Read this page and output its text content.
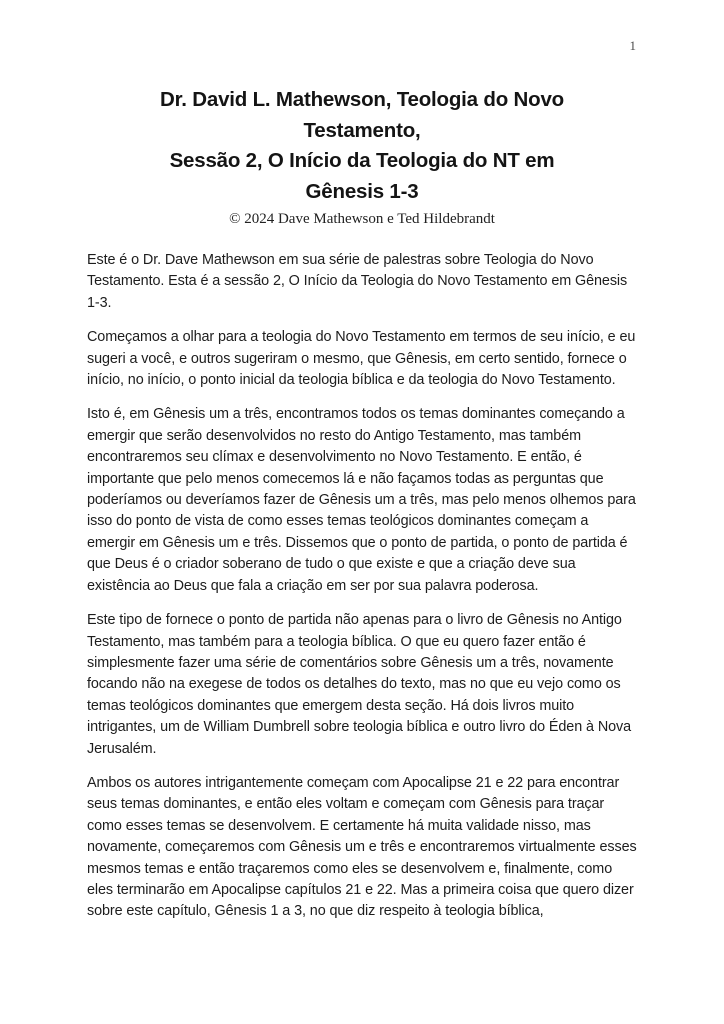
1
Dr. David L. Mathewson, Teologia do Novo
Testamento,
Sessão 2, O Início da Teologia do NT em
Gênesis 1-3
© 2024 Dave Mathewson e Ted Hildebrandt

Este é o Dr. Dave Mathewson em sua série de palestras sobre Teologia do Novo Testamento. Esta é a sessão 2, O Início da Teologia do Novo Testamento em Gênesis 1-3.

Começamos a olhar para a teologia do Novo Testamento em termos de seu início, e eu sugeri a você, e outros sugeriram o mesmo, que Gênesis, em certo sentido, fornece o início, no início, o ponto inicial da teologia bíblica e da teologia do Novo Testamento.

Isto é, em Gênesis um a três, encontramos todos os temas dominantes começando a emergir que serão desenvolvidos no resto do Antigo Testamento, mas também encontraremos seu clímax e desenvolvimento no Novo Testamento. E então, é importante que pelo menos comecemos lá e não façamos todas as perguntas que poderíamos ou deveríamos fazer de Gênesis um a três, mas pelo menos olhemos para isso do ponto de vista de como esses temas teológicos dominantes começam a emergir em Gênesis um e três. Dissemos que o ponto de partida, o ponto de partida é que Deus é o criador soberano de tudo o que existe e que a criação deve sua existência ao Deus que fala a criação em ser por sua palavra poderosa.

Este tipo de fornece o ponto de partida não apenas para o livro de Gênesis no Antigo Testamento, mas também para a teologia bíblica. O que eu quero fazer então é simplesmente fazer uma série de comentários sobre Gênesis um a três, novamente focando não na exegese de todos os detalhes do texto, mas no que eu vejo como os temas teológicos dominantes que emergem desta seção. Há dois livros muito intrigantes, um de William Dumbrell sobre teologia bíblica e outro livro do Éden à Nova Jerusalém.

Ambos os autores intrigantemente começam com Apocalipse 21 e 22 para encontrar seus temas dominantes, e então eles voltam e começam com Gênesis para traçar como esses temas se desenvolvem. E certamente há muita validade nisso, mas novamente, começaremos com Gênesis um e três e encontraremos virtualmente esses mesmos temas e então traçaremos como eles se desenvolvem e, finalmente, como eles terminarão em Apocalipse capítulos 21 e 22. Mas a primeira coisa que quero dizer sobre este capítulo, Gênesis 1 a 3, no que diz respeito à teologia bíblica,
